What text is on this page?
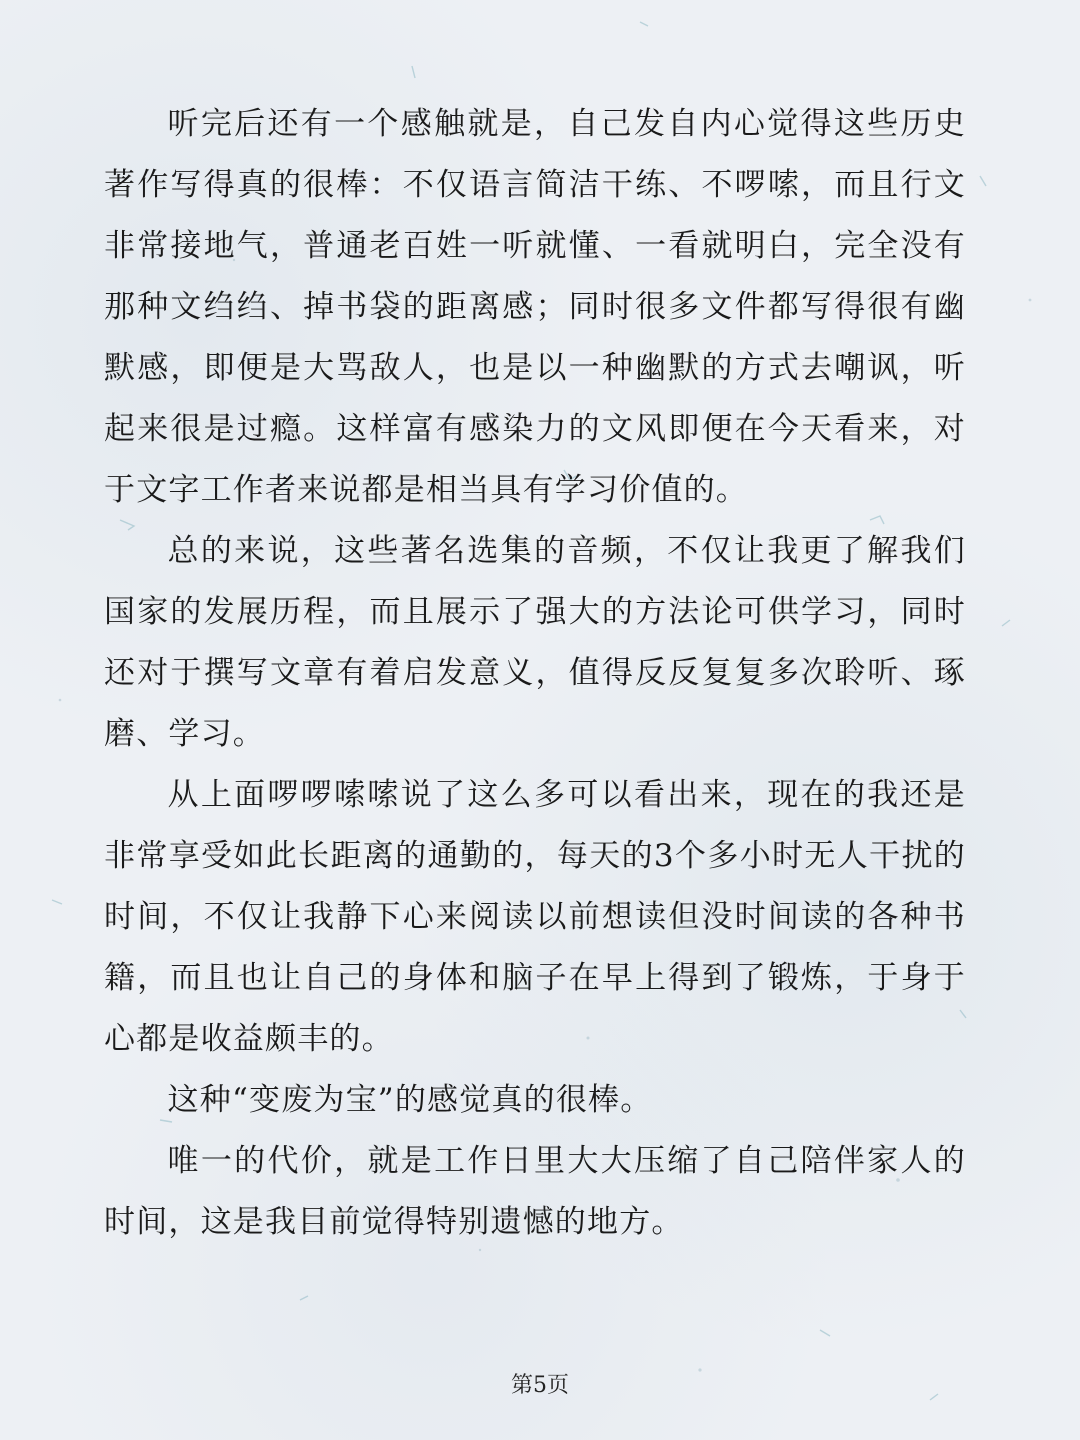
听完后还有一个感触就是，自己发自内心觉得这些历史著作写得真的很棒：不仅语言简洁干练、不啰嗦，而且行文非常接地气，普通老百姓一听就懂、一看就明白，完全没有那种文绉绉、掉书袋的距离感；同时很多文件都写得很有幽默感，即便是大骂敌人，也是以一种幽默的方式去嘲讽，听起来很是过瘾。这样富有感染力的文风即便在今天看来，对于文字工作者来说都是相当具有学习价值的。

总的来说，这些著名选集的音频，不仅让我更了解我们国家的发展历程，而且展示了强大的方法论可供学习，同时还对于撰写文章有着启发意义，值得反反复复多次聆听、琢磨、学习。

从上面啰啰嗦嗦说了这么多可以看出来，现在的我还是非常享受如此长距离的通勤的，每天的3个多小时无人干扰的时间，不仅让我静下心来阅读以前想读但没时间读的各种书籍，而且也让自己的身体和脑子在早上得到了锻炼，于身于心都是收益颇丰的。

这种“变废为宝”的感觉真的很棒。

唯一的代价，就是工作日里大大压缩了自己陪伴家人的时间，这是我目前觉得特别遗憾的地方。

第5页
